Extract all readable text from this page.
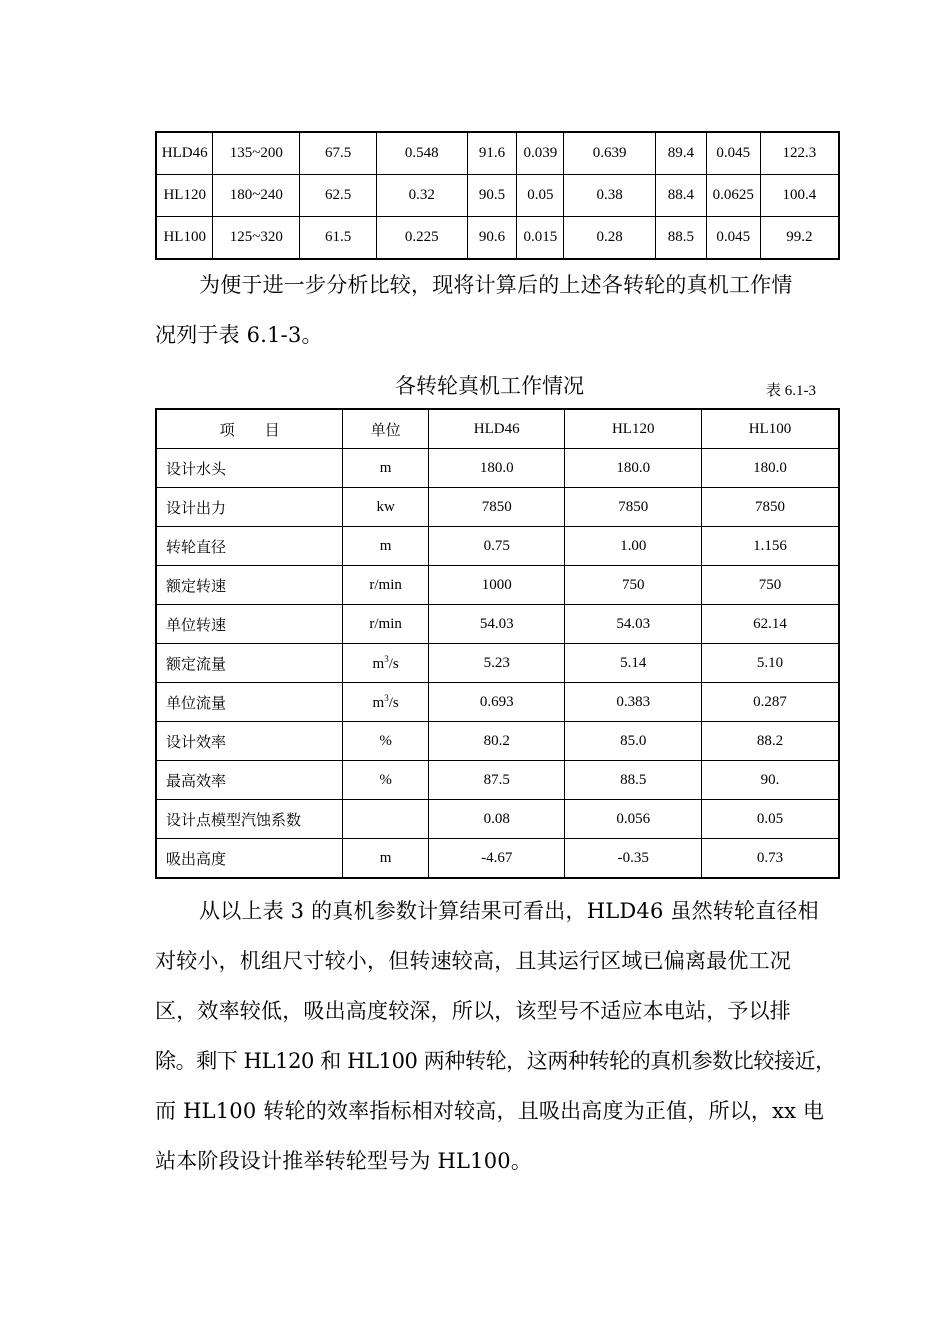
HLD46	135~200	67.5	0.548	91.6	0.039	0.639	89.4	0.045	122.3
HL120	180~240	62.5	0.32	90.5	0.05	0.38	88.4	0.0625	100.4
HL100	125~320	61.5	0.225	90.6	0.015	0.28	88.5	0.045	99.2
为便于进一步分析比较，现将计算后的上述各转轮的真机工作情
况列于表 6.1-3。
各转轮真机工作情况	表 6.1-3
项　　目	单位	HLD46	HL120	HL100
设计水头	m	180.0	180.0	180.0
设计出力	kw	7850	7850	7850
转轮直径	m	0.75	1.00	1.156
额定转速	r/min	1000	750	750
单位转速	r/min	54.03	54.03	62.14
额定流量	$m^3/s$	5.23	5.14	5.10
单位流量	$m^3/s$	0.693	0.383	0.287
设计效率	%	80.2	85.0	88.2
最高效率	%	87.5	88.5	90.
设计点模型汽蚀系数		0.08	0.056	0.05
吸出高度	m	-4.67	-0.35	0.73
从以上表 3 的真机参数计算结果可看出，HLD46 虽然转轮直径相
对较小，机组尺寸较小，但转速较高，且其运行区域已偏离最优工况
区，效率较低，吸出高度较深，所以，该型号不适应本电站，予以排
除。剩下 HL120 和 HL100 两种转轮，这两种转轮的真机参数比较接近，
而 HL100 转轮的效率指标相对较高，且吸出高度为正值，所以，xx 电
站本阶段设计推举转轮型号为 HL100。
